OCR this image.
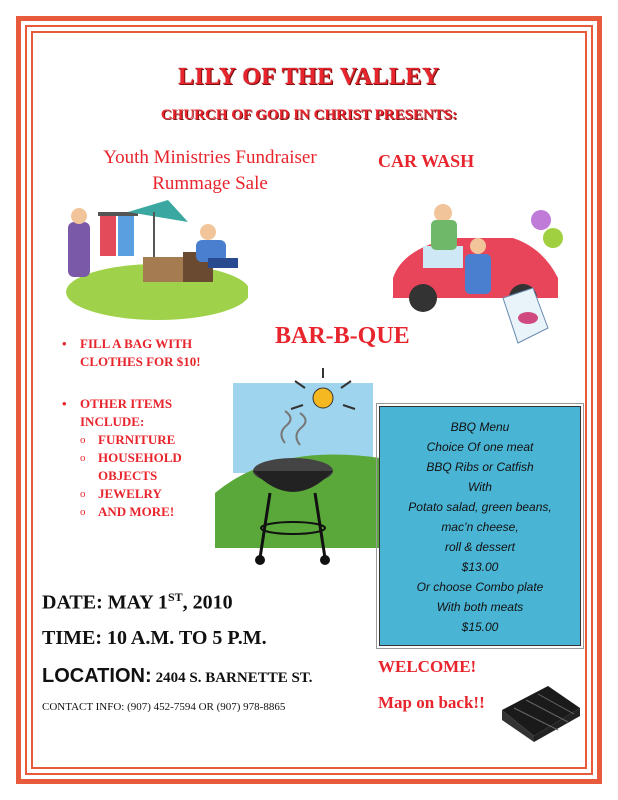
LILY OF THE VALLEY
CHURCH OF GOD IN CHRIST PRESENTS:
Youth Ministries Fundraiser
Rummage Sale
CAR WASH
BAR-B-QUE
• FILL A BAG WITH
CLOTHES FOR $10!
• OTHER ITEMS
INCLUDE:
o FURNITURE
o HOUSEHOLD
OBJECTS
o JEWELRY
o AND MORE!
BBQ Menu
Choice Of one meat
BBQ Ribs or Catfish
With
Potato salad, green beans,
mac’n cheese,
roll & dessert
$13.00
Or choose Combo plate
With both meats
$15.00
DATE: MAY 1ST, 2010
TIME: 10 A.M. TO 5 P.M.
LOCATION: 2404 S. BARNETTE ST.
CONTACT INFO: (907) 452-7594 OR (907) 978-8865
WELCOME!
Map on back!!
